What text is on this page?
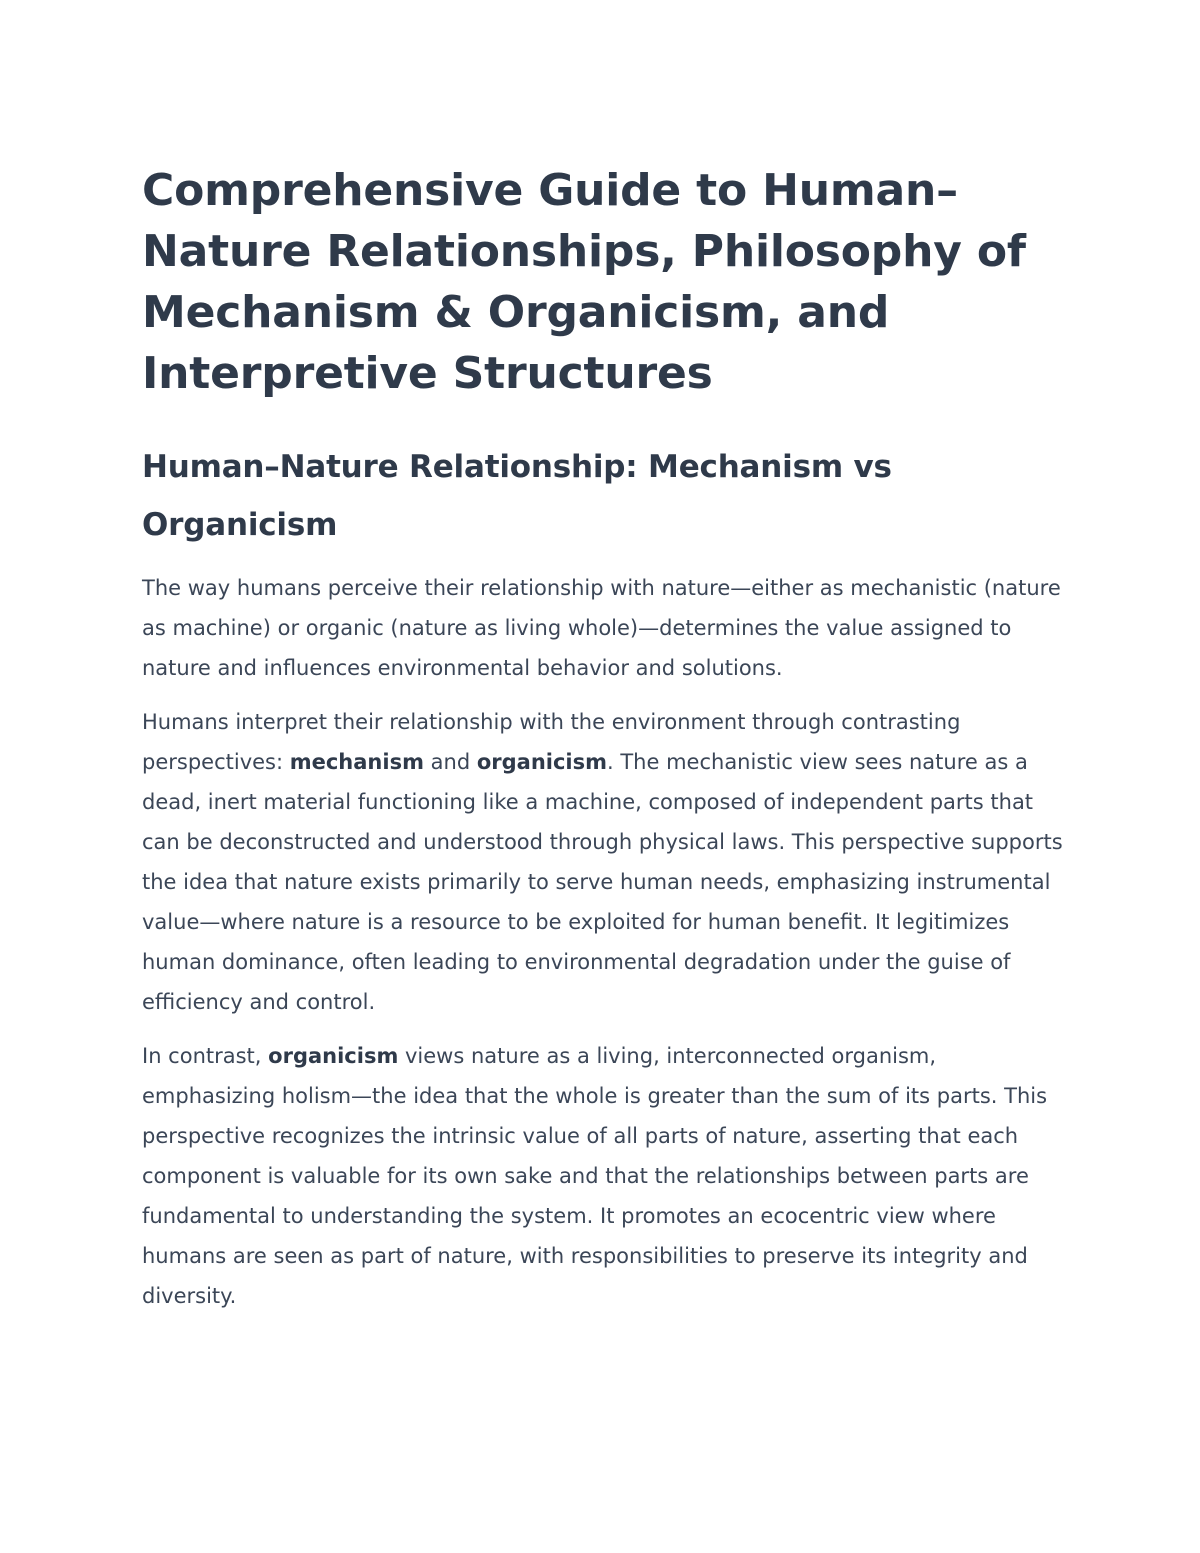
Comprehensive Guide to Human–Nature Relationships, Philosophy of Mechanism & Organicism, and Interpretive Structures
Human–Nature Relationship: Mechanism vs Organicism

The way humans perceive their relationship with nature—either as mechanistic (nature as machine) or organic (nature as living whole)—determines the value assigned to nature and influences environmental behavior and solutions.

Humans interpret their relationship with the environment through contrasting perspectives: mechanism and organicism. The mechanistic view sees nature as a dead, inert material functioning like a machine, composed of independent parts that can be deconstructed and understood through physical laws. This perspective supports the idea that nature exists primarily to serve human needs, emphasizing instrumental value—where nature is a resource to be exploited for human benefit. It legitimizes human dominance, often leading to environmental degradation under the guise of efficiency and control.

In contrast, organicism views nature as a living, interconnected organism, emphasizing holism—the idea that the whole is greater than the sum of its parts. This perspective recognizes the intrinsic value of all parts of nature, asserting that each component is valuable for its own sake and that the relationships between parts are fundamental to understanding the system. It promotes an ecocentric view where humans are seen as part of nature, with responsibilities to preserve its integrity and diversity.
